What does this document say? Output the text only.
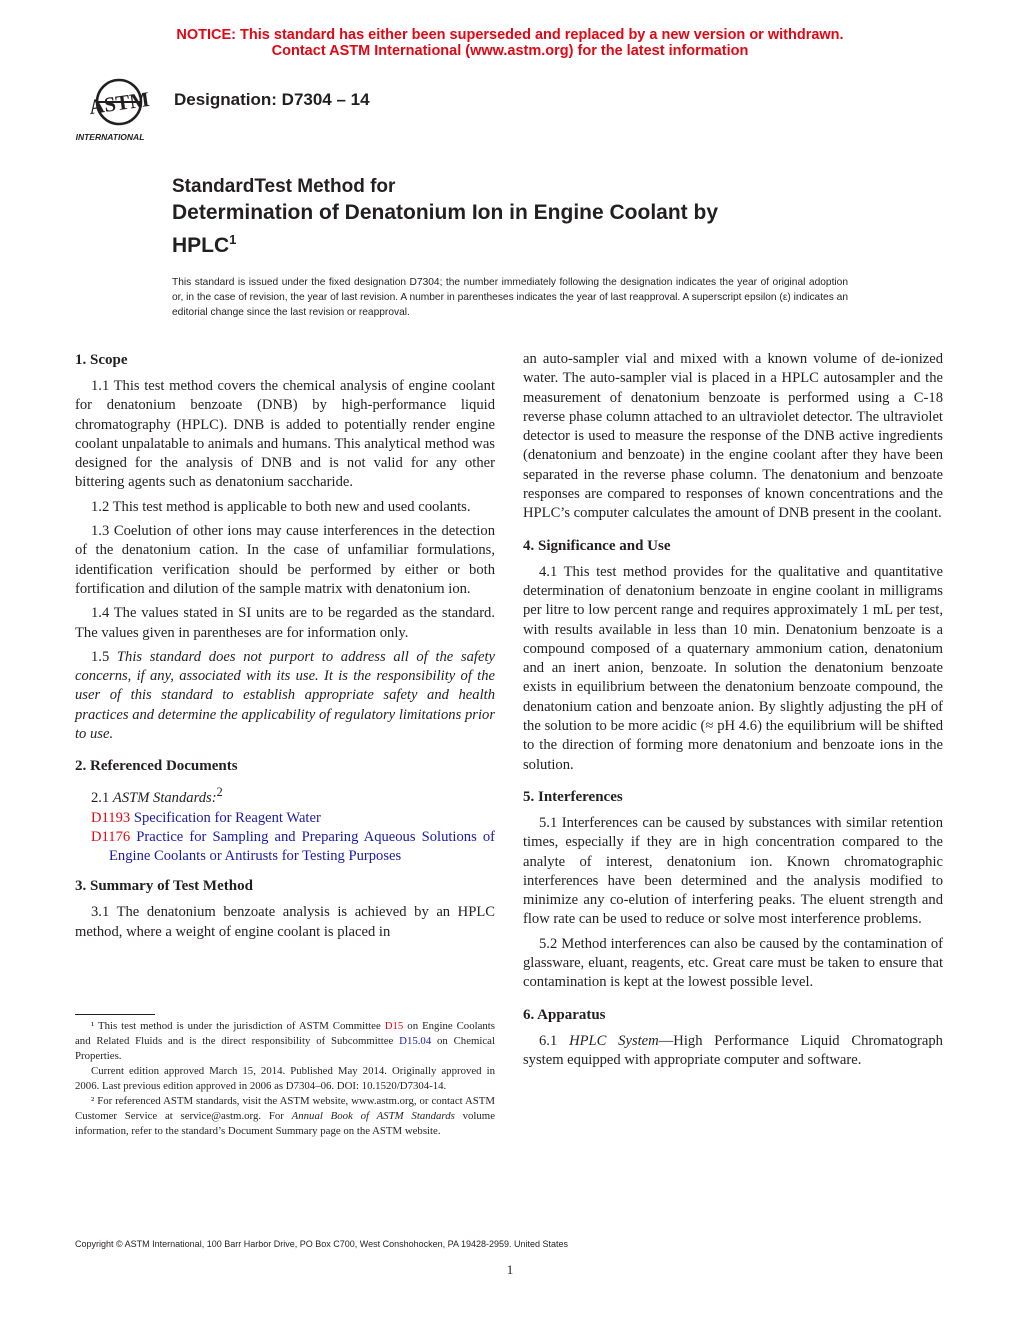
NOTICE: This standard has either been superseded and replaced by a new version or withdrawn.
Contact ASTM International (www.astm.org) for the latest information
ASTM
INTERNATIONAL
Designation: D7304 – 14
StandardTest Method for
Determination of Denatonium Ion in Engine Coolant by
HPLC$^1$
This standard is issued under the fixed designation D7304; the number immediately following the designation indicates the year of original adoption or, in the case of revision, the year of last revision. A number in parentheses indicates the year of last reapproval. A superscript epsilon (ε) indicates an editorial change since the last revision or reapproval.
1. Scope

1.1 This test method covers the chemical analysis of engine coolant for denatonium benzoate (DNB) by high-performance liquid chromatography (HPLC). DNB is added to potentially render engine coolant unpalatable to animals and humans. This analytical method was designed for the analysis of DNB and is not valid for any other bittering agents such as denatonium saccharide.

1.2 This test method is applicable to both new and used coolants.

1.3 Coelution of other ions may cause interferences in the detection of the denatonium cation. In the case of unfamiliar formulations, identification verification should be performed by either or both fortification and dilution of the sample matrix with denatonium ion.

1.4 The values stated in SI units are to be regarded as the standard. The values given in parentheses are for information only.

1.5 This standard does not purport to address all of the safety concerns, if any, associated with its use. It is the responsibility of the user of this standard to establish appropriate safety and health practices and determine the applicability of regulatory limitations prior to use.

2. Referenced Documents

2.1 ASTM Standards:$^2$

D1193 Specification for Reagent Water

D1176 Practice for Sampling and Preparing Aqueous Solutions of Engine Coolants or Antirusts for Testing Purposes

3. Summary of Test Method

3.1 The denatonium benzoate analysis is achieved by an HPLC method, where a weight of engine coolant is placed in

an auto-sampler vial and mixed with a known volume of de-ionized water. The auto-sampler vial is placed in a HPLC autosampler and the measurement of denatonium benzoate is performed using a C-18 reverse phase column attached to an ultraviolet detector. The ultraviolet detector is used to measure the response of the DNB active ingredients (denatonium and benzoate) in the engine coolant after they have been separated in the reverse phase column. The denatonium and benzoate responses are compared to responses of known concentrations and the HPLC’s computer calculates the amount of DNB present in the coolant.

4. Significance and Use

4.1 This test method provides for the qualitative and quantitative determination of denatonium benzoate in engine coolant in milligrams per litre to low percent range and requires approximately 1 mL per test, with results available in less than 10 min. Denatonium benzoate is a compound composed of a quaternary ammonium cation, denatonium and an inert anion, benzoate. In solution the denatonium benzoate exists in equilibrium between the denatonium benzoate compound, the denatonium cation and benzoate anion. By slightly adjusting the pH of the solution to be more acidic (≈ pH 4.6) the equilibrium will be shifted to the direction of forming more denatonium and benzoate ions in the solution.

5. Interferences

5.1 Interferences can be caused by substances with similar retention times, especially if they are in high concentration compared to the analyte of interest, denatonium ion. Known chromatographic interferences have been determined and the analysis modified to minimize any co-elution of interfering peaks. The eluent strength and flow rate can be used to reduce or solve most interference problems.

5.2 Method interferences can also be caused by the contamination of glassware, eluant, reagents, etc. Great care must be taken to ensure that contamination is kept at the lowest possible level.

6. Apparatus

6.1 HPLC System—High Performance Liquid Chromatograph system equipped with appropriate computer and software.

¹ This test method is under the jurisdiction of ASTM Committee D15 on Engine Coolants and Related Fluids and is the direct responsibility of Subcommittee D15.04 on Chemical Properties.

Current edition approved March 15, 2014. Published May 2014. Originally approved in 2006. Last previous edition approved in 2006 as D7304–06. DOI: 10.1520/D7304-14.

² For referenced ASTM standards, visit the ASTM website, www.astm.org, or contact ASTM Customer Service at service@astm.org. For Annual Book of ASTM Standards volume information, refer to the standard’s Document Summary page on the ASTM website.

Copyright © ASTM International, 100 Barr Harbor Drive, PO Box C700, West Conshohocken, PA 19428-2959. United States
1
